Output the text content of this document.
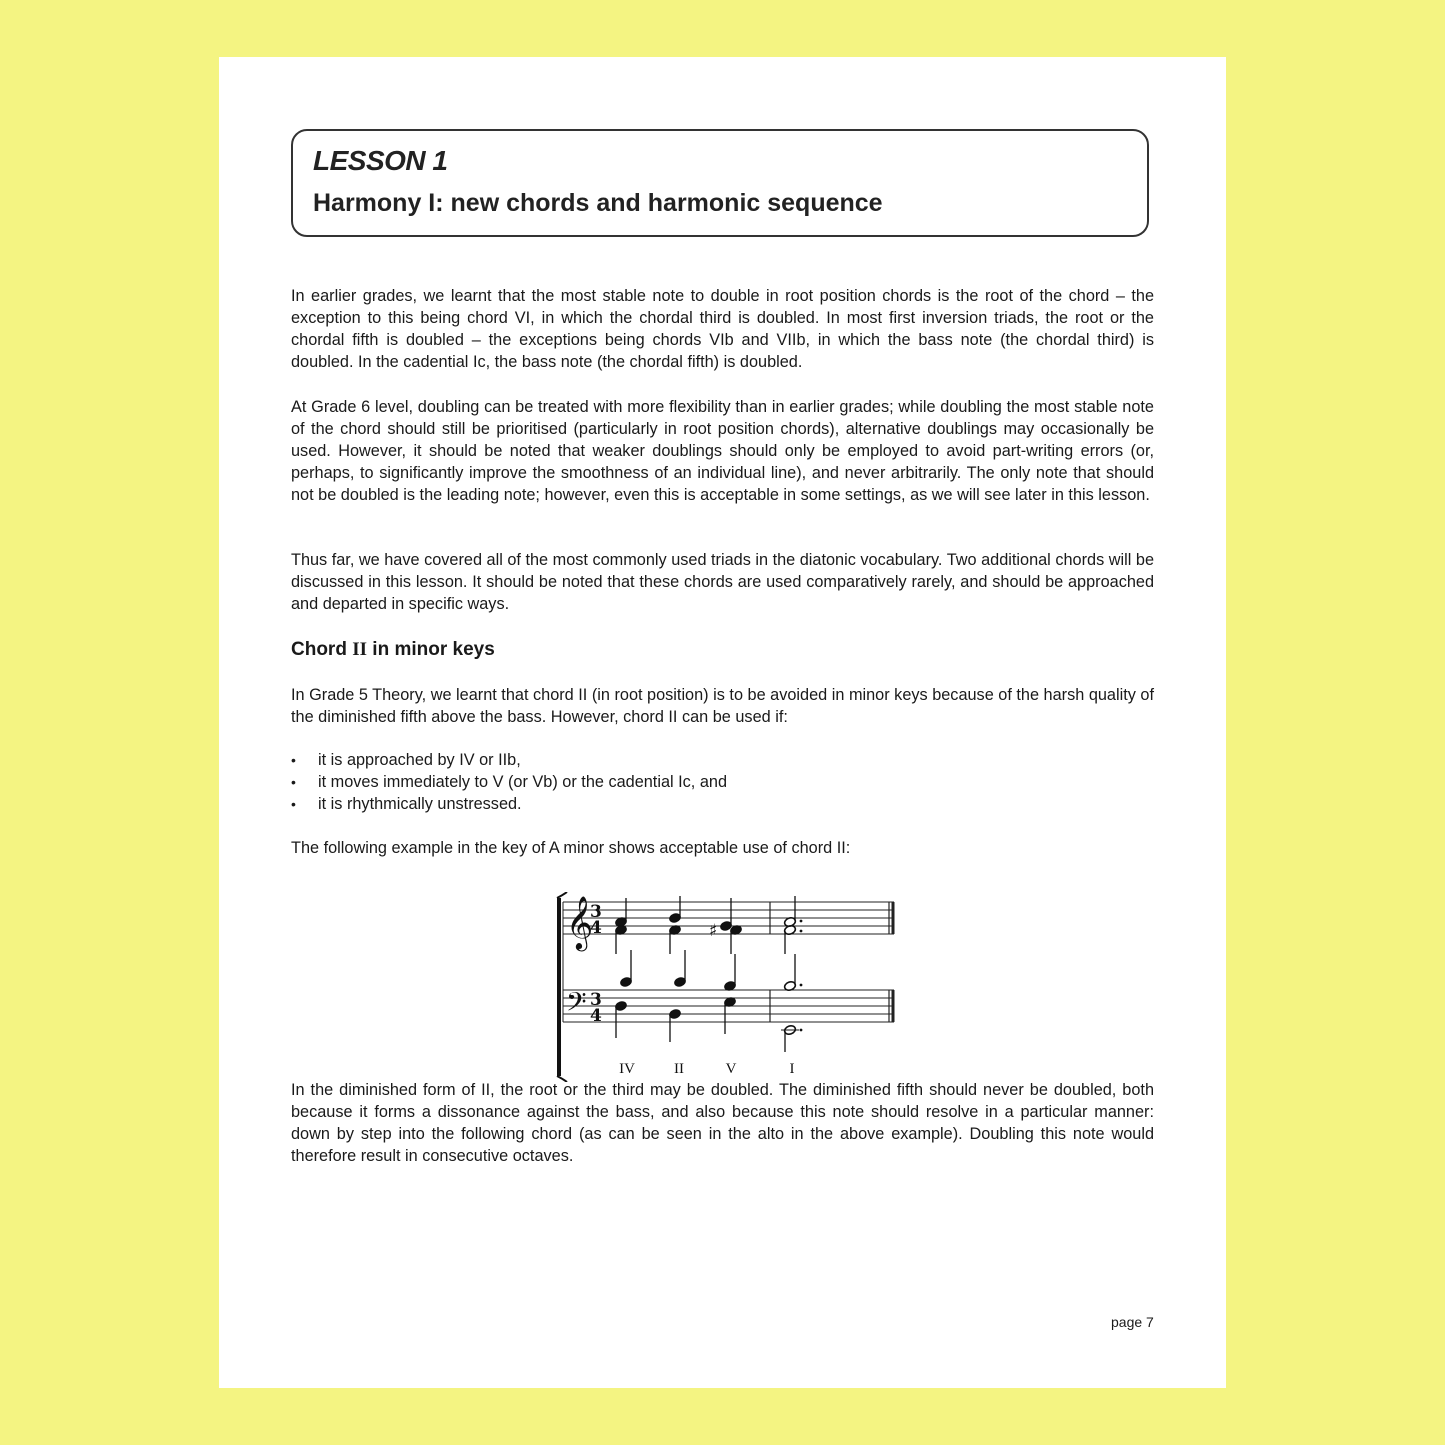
LESSON 1
Harmony I: new chords and harmonic sequence

In earlier grades, we learnt that the most stable note to double in root position chords is the root of the chord – the exception to this being chord VI, in which the chordal third is doubled. In most first inversion triads, the root or the chordal fifth is doubled – the exceptions being chords VIb and VIIb, in which the bass note (the chordal third) is doubled. In the cadential Ic, the bass note (the chordal fifth) is doubled.

At Grade 6 level, doubling can be treated with more flexibility than in earlier grades; while doubling the most stable note of the chord should still be prioritised (particularly in root position chords), alternative doublings may occasionally be used. However, it should be noted that weaker doublings should only be employed to avoid part-writing errors (or, perhaps, to significantly improve the smoothness of an individual line), and never arbitrarily. The only note that should not be doubled is the leading note; however, even this is acceptable in some settings, as we will see later in this lesson.

Thus far, we have covered all of the most commonly used triads in the diatonic vocabulary. Two additional chords will be discussed in this lesson. It should be noted that these chords are used comparatively rarely, and should be approached and departed in specific ways.

Chord II in minor keys

In Grade 5 Theory, we learnt that chord II (in root position) is to be avoided in minor keys because of the harsh quality of the diminished fifth above the bass. However, chord II can be used if:

• it is approached by IV or IIb,
• it moves immediately to V (or Vb) or the cadential Ic, and
• it is rhythmically unstressed.

The following example in the key of A minor shows acceptable use of chord II:

𝄞
𝄢
3
4
3
4
♯
IV	II	V	I

In the diminished form of II, the root or the third may be doubled. The diminished fifth should never be doubled, both because it forms a dissonance against the bass, and also because this note should resolve in a particular manner: down by step into the following chord (as can be seen in the alto in the above example). Doubling this note would therefore result in consecutive octaves.

page 7
